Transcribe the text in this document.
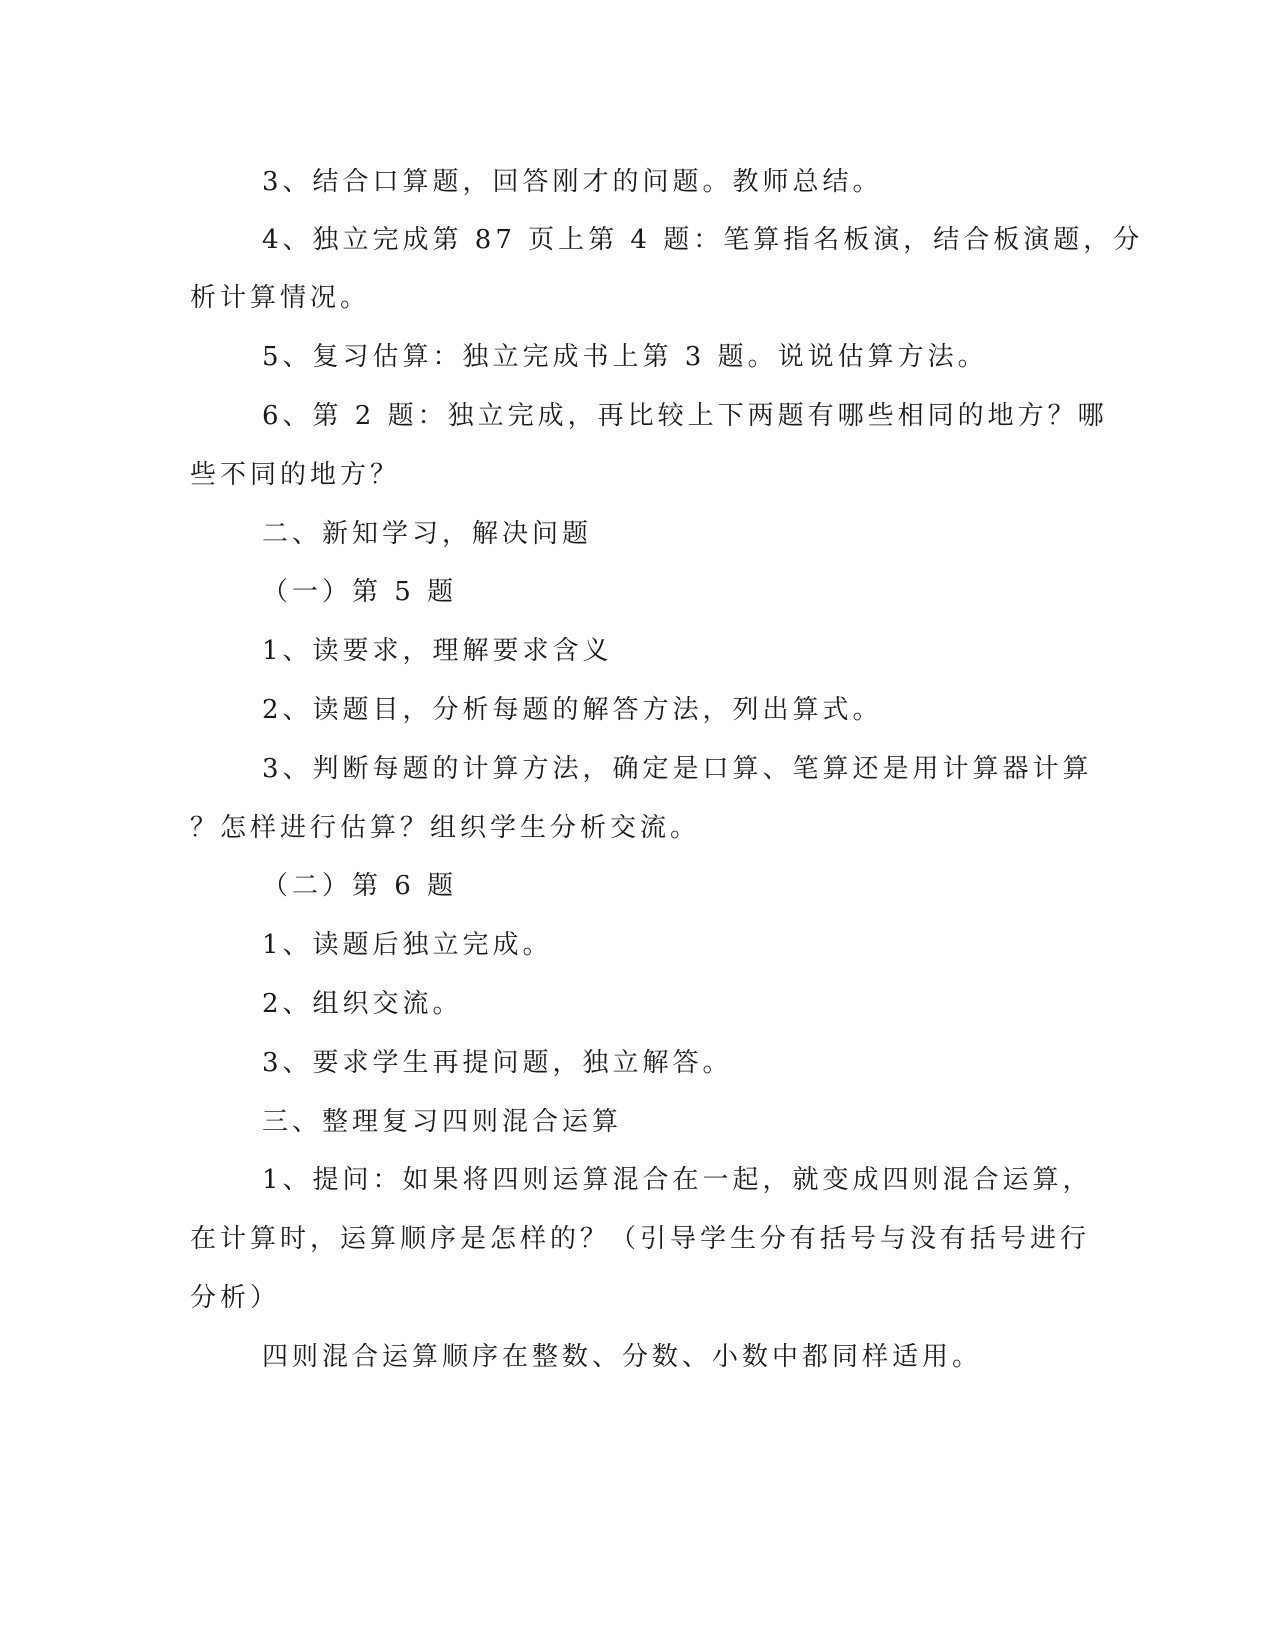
3、结合口算题，回答刚才的问题。教师总结。

4、独立完成第 87 页上第 4 题：笔算指名板演，结合板演题，分

析计算情况。

5、复习估算：独立完成书上第 3 题。说说估算方法。

6、第 2 题：独立完成，再比较上下两题有哪些相同的地方？哪

些不同的地方？

二、新知学习，解决问题

（一）第 5 题

1、读要求，理解要求含义

2、读题目，分析每题的解答方法，列出算式。

3、判断每题的计算方法，确定是口算、笔算还是用计算器计算

？怎样进行估算？组织学生分析交流。

（二）第 6 题

1、读题后独立完成。

2、组织交流。

3、要求学生再提问题，独立解答。

三、整理复习四则混合运算

1、提问：如果将四则运算混合在一起，就变成四则混合运算，

在计算时，运算顺序是怎样的？（引导学生分有括号与没有括号进行

分析）

四则混合运算顺序在整数、分数、小数中都同样适用。
